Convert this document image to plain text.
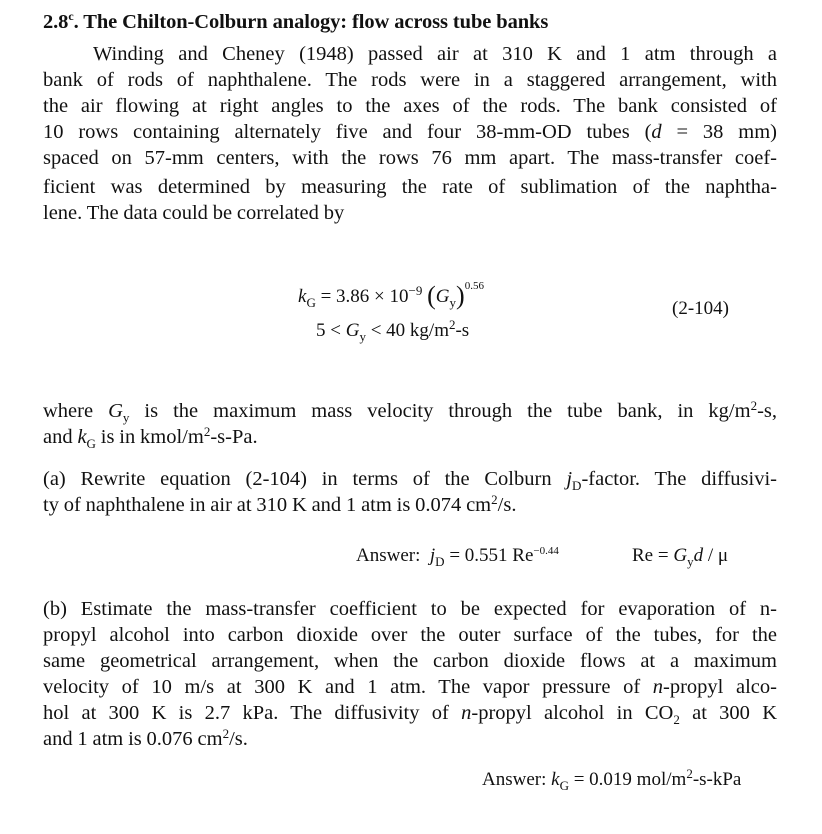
2.8$^c$. The Chilton-Colburn analogy: flow across tube banks
Winding and Cheney (1948) passed air at 310 K and 1 atm through a
bank of rods of naphthalene. The rods were in a staggered arrangement, with
the air flowing at right angles to the axes of the rods. The bank consisted of
10 rows containing alternately five and four 38-mm-OD tubes (d = 38 mm)
spaced on 57-mm centers, with the rows 76 mm apart. The mass-transfer coef-
ficient was determined by measuring the rate of sublimation of the naphtha-
lene. The data could be correlated by
$k_G = 3.86 \times 10^{-9}$ $(G_y)^{0.56}$
$5 < G_y < 40$ $kg/m^2-s$
(2-104)
where $G_y$ is the maximum mass velocity through the tube bank, in $kg/m^2-s$,
and $k_G$ is in kmol/$m^2-s-Pa$.
(a) Rewrite equation (2-104) in terms of the Colburn $j_D$-factor. The diffusivi-
ty of naphthalene in air at 310 K and 1 atm is 0.074 $cm^2/s$.
Answer: $j_D = 0.551$ $Re^{-0.44}$	$Re = G_yd / \mu$
(b) Estimate the mass-transfer coefficient to be expected for evaporation of n-
propyl alcohol into carbon dioxide over the outer surface of the tubes, for the
same geometrical arrangement, when the carbon dioxide flows at a maximum
velocity of 10 m/s at 300 K and 1 atm. The vapor pressure of n-propyl alco-
hol at 300 K is 2.7 kPa. The diffusivity of n-propyl alcohol in $CO_2$ at 300 K
and 1 atm is 0.076 $cm^2/s$.
Answer: $k_G = 0.019$ mol/$m^2-s$-kPa
